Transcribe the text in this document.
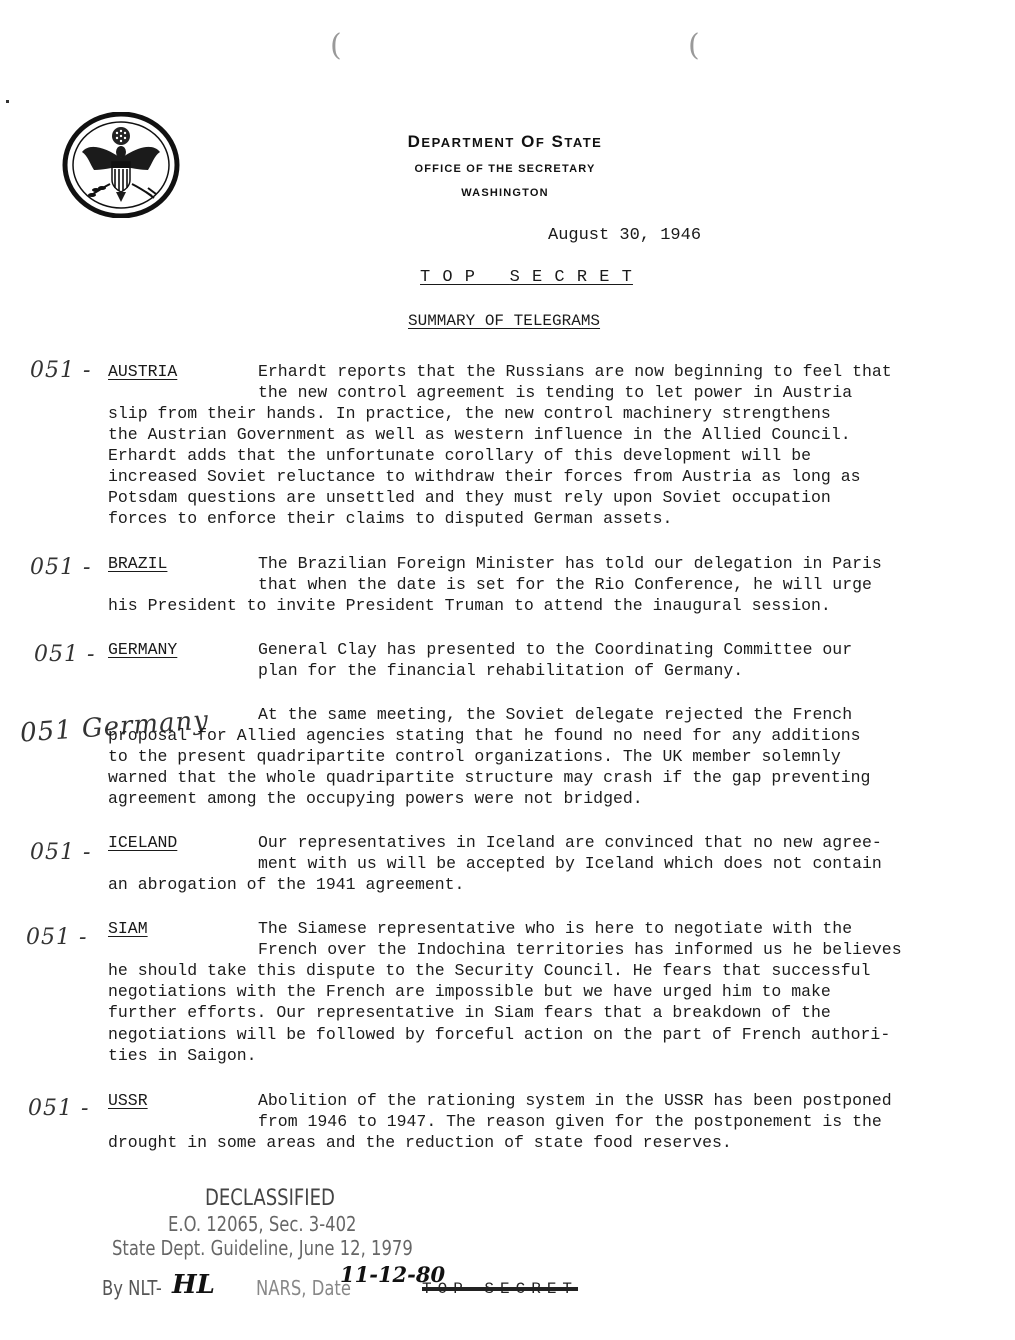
(	(
DEPARTMENT OF STATE
OFFICE OF THE SECRETARY
WASHINGTON
August 30, 1946
T O P S E C R E T
SUMMARY OF TELEGRAMS
051 - AUSTRIA	Erhardt reports that the Russians are now beginning to feel that
the new control agreement is tending to let power in Austria
slip from their hands. In practice, the new control machinery strengthens
the Austrian Government as well as western influence in the Allied Council.
Erhardt adds that the unfortunate corollary of this development will be
increased Soviet reluctance to withdraw their forces from Austria as long as
Potsdam questions are unsettled and they must rely upon Soviet occupation
forces to enforce their claims to disputed German assets.
051 - BRAZIL	The Brazilian Foreign Minister has told our delegation in Paris
that when the date is set for the Rio Conference, he will urge
his President to invite President Truman to attend the inaugural session.
051 - GERMANY	General Clay has presented to the Coordinating Committee our
plan for the financial rehabilitation of Germany.
051 Germany	At the same meeting, the Soviet delegate rejected the French
proposal for Allied agencies stating that he found no need for any additions
to the present quadripartite control organizations. The UK member solemnly
warned that the whole quadripartite structure may crash if the gap preventing
agreement among the occupying powers were not bridged.
051 - ICELAND	Our representatives in Iceland are convinced that no new agree-
ment with us will be accepted by Iceland which does not contain
an abrogation of the 1941 agreement.
051 - SIAM	The Siamese representative who is here to negotiate with the
French over the Indochina territories has informed us he believes
he should take this dispute to the Security Council. He fears that successful
negotiations with the French are impossible but we have urged him to make
further efforts. Our representative in Siam fears that a breakdown of the
negotiations will be followed by forceful action on the part of French authori-
ties in Saigon.
051 - USSR	Abolition of the rationing system in the USSR has been postponed
from 1946 to 1947. The reason given for the postponement is the
drought in some areas and the reduction of state food reserves.
DECLASSIFIED
E.O. 12065, Sec. 3-402
State Dept. Guideline, June 12, 1979
By NLT- HL NARS, Date
11-12-80
TOP SECRET
